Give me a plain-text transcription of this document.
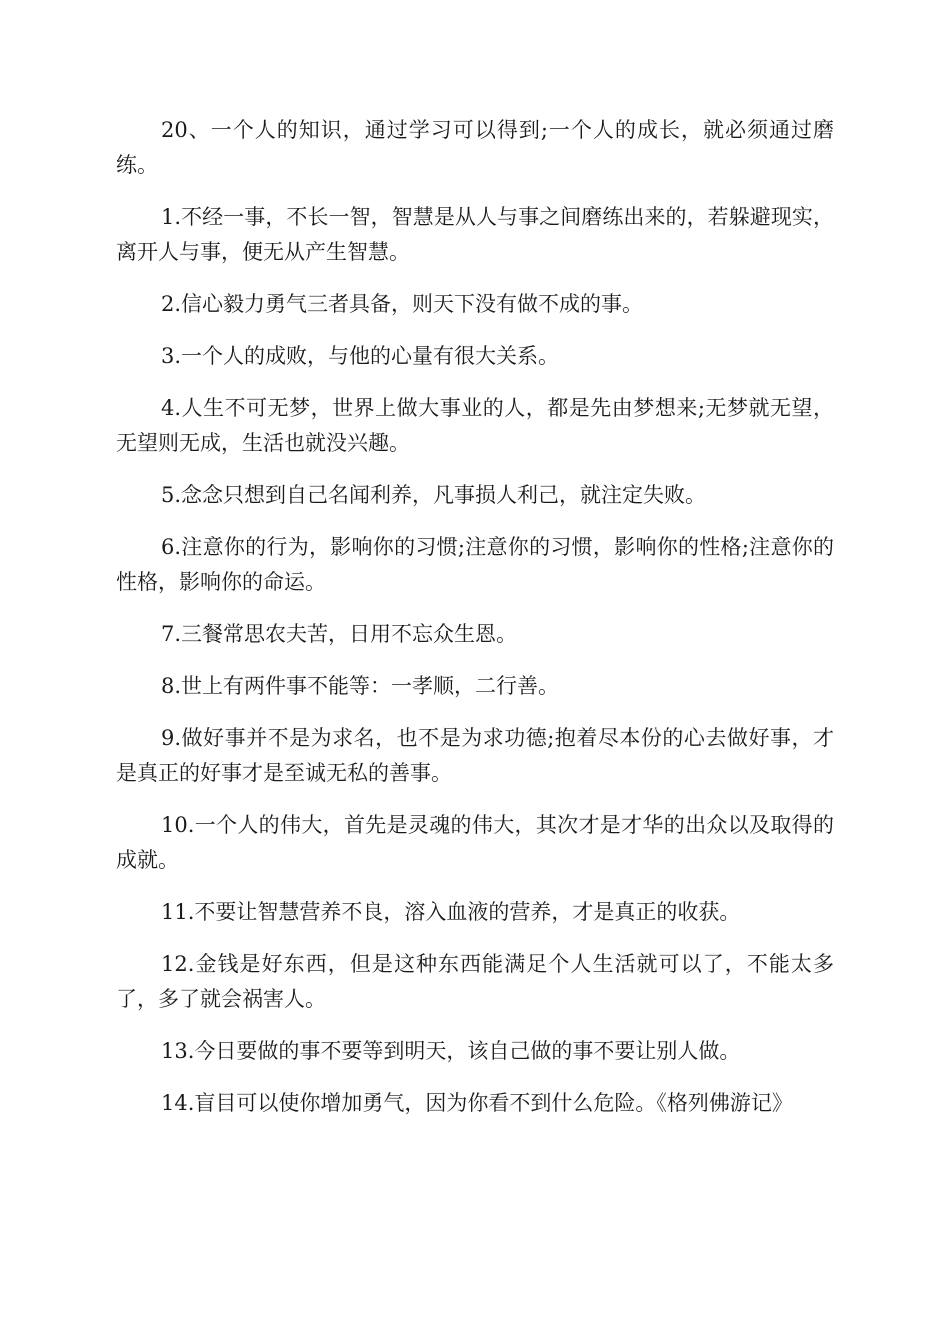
20、一个人的知识，通过学习可以得到;一个人的成长，就必须通过磨练。

1.不经一事，不长一智，智慧是从人与事之间磨练出来的，若躲避现实，离开人与事，便无从产生智慧。

2.信心毅力勇气三者具备，则天下没有做不成的事。

3.一个人的成败，与他的心量有很大关系。

4.人生不可无梦，世界上做大事业的人，都是先由梦想来;无梦就无望，无望则无成，生活也就没兴趣。

5.念念只想到自己名闻利养，凡事损人利己，就注定失败。

6.注意你的行为，影响你的习惯;注意你的习惯，影响你的性格;注意你的性格，影响你的命运。

7.三餐常思农夫苦，日用不忘众生恩。

8.世上有两件事不能等：一孝顺，二行善。

9.做好事并不是为求名，也不是为求功德;抱着尽本份的心去做好事，才是真正的好事才是至诚无私的善事。

10.一个人的伟大，首先是灵魂的伟大，其次才是才华的出众以及取得的成就。

11.不要让智慧营养不良，溶入血液的营养，才是真正的收获。

12.金钱是好东西，但是这种东西能满足个人生活就可以了，不能太多了，多了就会祸害人。

13.今日要做的事不要等到明天，该自己做的事不要让别人做。

14.盲目可以使你增加勇气，因为你看不到什么危险。《格列佛游记》
